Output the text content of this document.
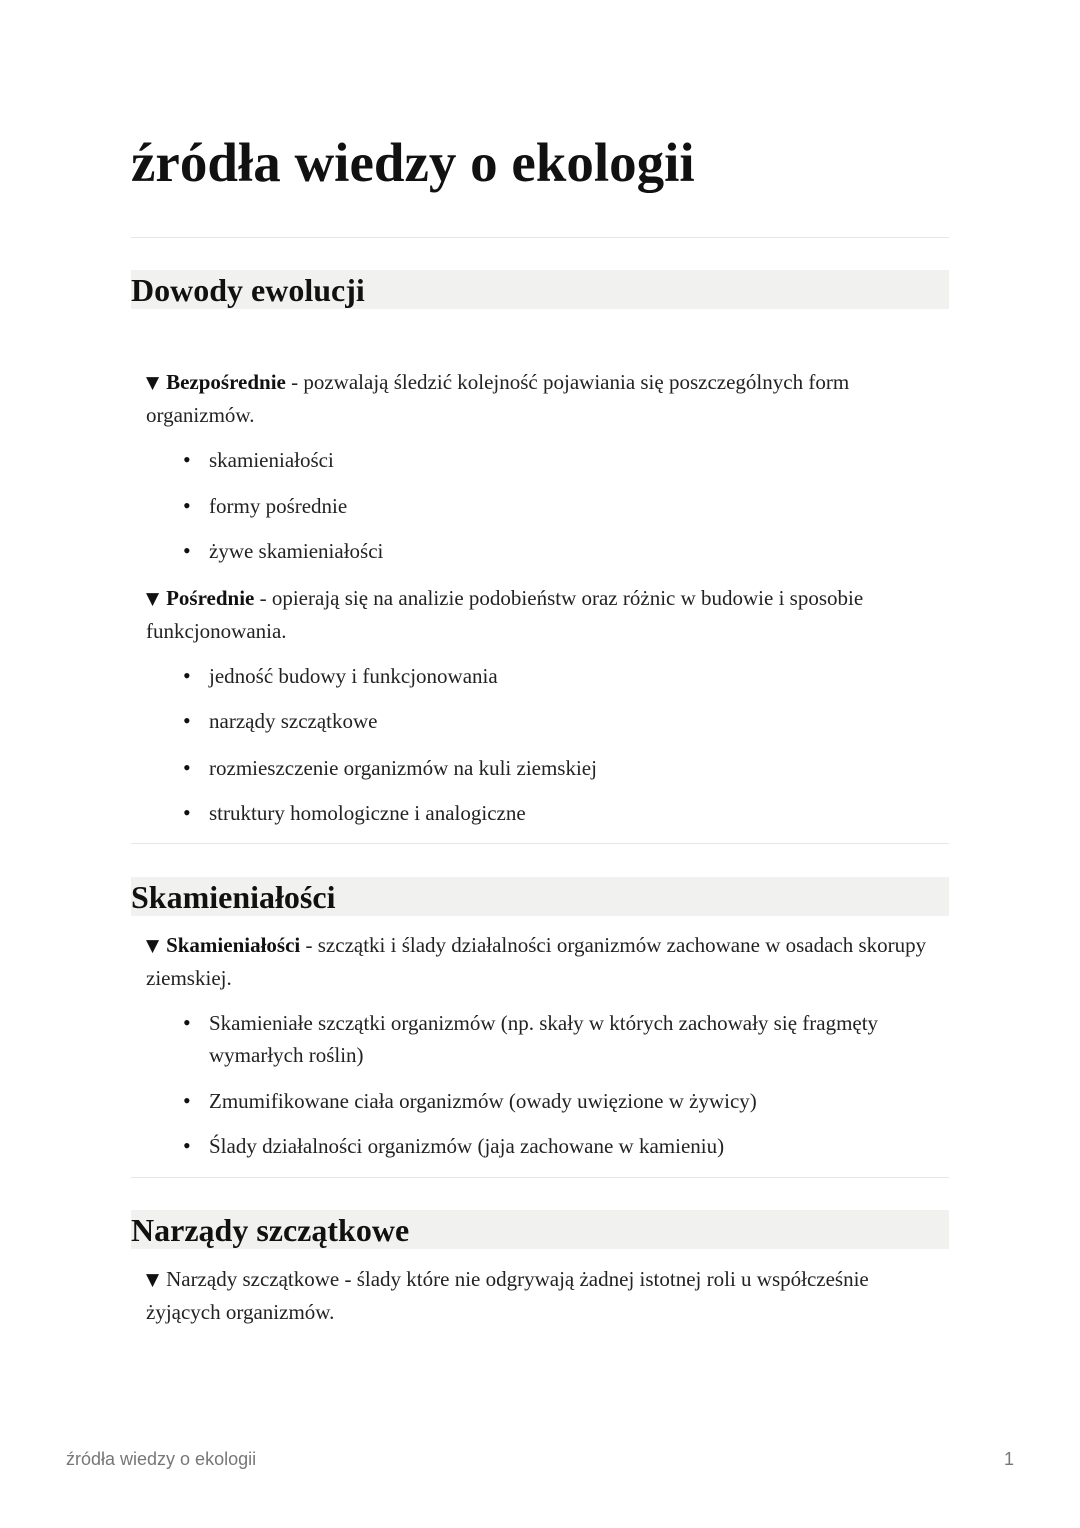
źródła wiedzy o ekologii
Dowody ewolucji

▼ Bezpośrednie - pozwalają śledzić kolejność pojawiania się poszczególnych form organizmów.

• skamieniałości
• formy pośrednie
• żywe skamieniałości

▼ Pośrednie - opierają się na analizie podobieństw oraz różnic w budowie i sposobie funkcjonowania.

• jedność budowy i funkcjonowania
• narządy szczątkowe
• rozmieszczenie organizmów na kuli ziemskiej
• struktury homologiczne i analogiczne
Skamieniałości

▼ Skamieniałości - szczątki i ślady działalności organizmów zachowane w osadach skorupy ziemskiej.

• Skamieniałe szczątki organizmów (np. skały w których zachowały się fragmęty wymarłych roślin)
• Zmumifikowane ciała organizmów (owady uwięzione w żywicy)
• Ślady działalności organizmów (jaja zachowane w kamieniu)
Narządy szczątkowe

▼ Narządy szczątkowe - ślady które nie odgrywają żadnej istotnej roli u współcześnie żyjących organizmów.

źródła wiedzy o ekologii	1
